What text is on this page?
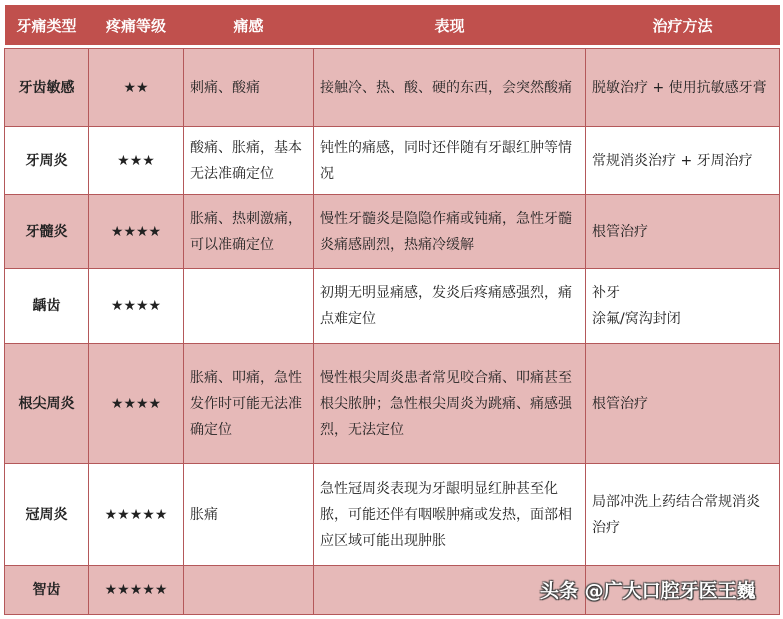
牙痛类型	疼痛等级	痛感	表现	治疗方法

牙齿敏感	★★	刺痛、酸痛	接触冷、热、酸、硬的东西，会突然酸痛	脱敏治疗 + 使用抗敏感牙膏

牙周炎	★★★	酸痛、胀痛，基本无法准确定位	钝性的痛感，同时还伴随有牙龈红肿等情况	常规消炎治疗 + 牙周治疗

牙髓炎	★★★★	胀痛、热刺激痛，可以准确定位	慢性牙髓炎是隐隐作痛或钝痛，急性牙髓炎痛感剧烈，热痛冷缓解	根管治疗

龋齿	★★★★		初期无明显痛感，发炎后疼痛感强烈，痛点难定位	补牙
涂氟/窝沟封闭

根尖周炎	★★★★	胀痛、叩痛，急性发作时可能无法准确定位	慢性根尖周炎患者常见咬合痛、叩痛甚至根尖脓肿；急性根尖周炎为跳痛、痛感强烈，无法定位	根管治疗

冠周炎	★★★★★	胀痛	急性冠周炎表现为牙龈明显红肿甚至化脓，可能还伴有咽喉肿痛或发热，面部相应区域可能出现肿胀	局部冲洗上药结合常规消炎治疗

智齿	★★★★★				头条 @广大口腔牙医王巍
